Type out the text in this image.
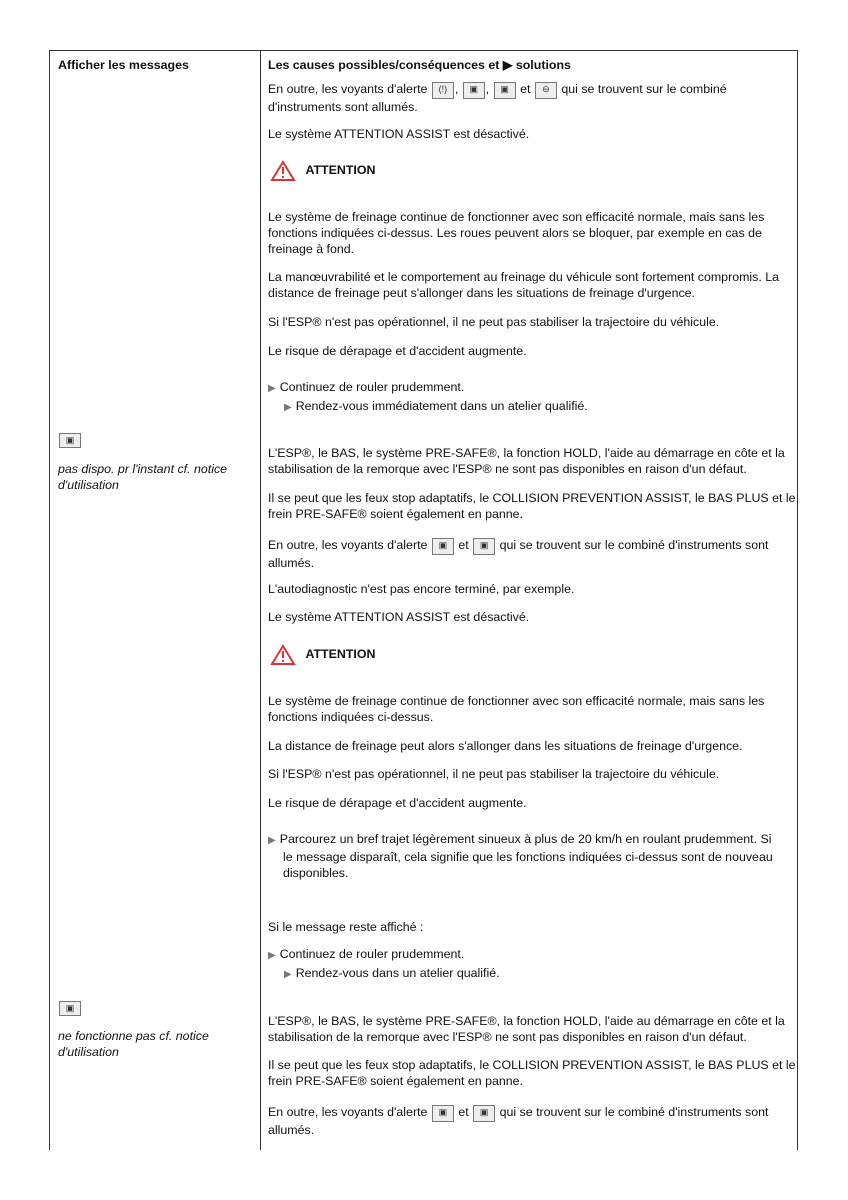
Afficher les messages	Les causes possibles/conséquences et ▶ solutions
En outre, les voyants d'alerte (!) , ▣ , ▣ et ⊖ qui se trouvent sur le combiné d'instruments sont allumés.
Le système ATTENTION ASSIST est désactivé.
ATTENTION
Le système de freinage continue de fonctionner avec son efficacité normale, mais sans les fonctions indiquées ci-dessus. Les roues peuvent alors se bloquer, par exemple en cas de freinage à fond.
La manœuvrabilité et le comportement au freinage du véhicule sont fortement compromis. La distance de freinage peut s'allonger dans les situations de freinage d'urgence.
Si l'ESP® n'est pas opérationnel, il ne peut pas stabiliser la trajectoire du véhicule.
Le risque de dérapage et d'accident augmente.
▶ Continuez de rouler prudemment.
▶ Rendez-vous immédiatement dans un atelier qualifié.
▣
pas dispo. pr l'instant cf. notice d'utilisation
L'ESP®, le BAS, le système PRE-SAFE®, la fonction HOLD, l'aide au démarrage en côte et la stabilisation de la remorque avec l'ESP® ne sont pas disponibles en raison d'un défaut.
Il se peut que les feux stop adaptatifs, le COLLISION PREVENTION ASSIST, le BAS PLUS et le frein PRE-SAFE® soient également en panne.
En outre, les voyants d'alerte ▣ et ▣ qui se trouvent sur le combiné d'instruments sont allumés.
L'autodiagnostic n'est pas encore terminé, par exemple.
Le système ATTENTION ASSIST est désactivé.
ATTENTION
Le système de freinage continue de fonctionner avec son efficacité normale, mais sans les fonctions indiquées ci-dessus.
La distance de freinage peut alors s'allonger dans les situations de freinage d'urgence.
Si l'ESP® n'est pas opérationnel, il ne peut pas stabiliser la trajectoire du véhicule.
Le risque de dérapage et d'accident augmente.
▶ Parcourez un bref trajet légèrement sinueux à plus de 20 km/h en roulant prudemment. Si le message disparaît, cela signifie que les fonctions indiquées ci-dessus sont de nouveau disponibles.
Si le message reste affiché :
▶ Continuez de rouler prudemment.
▶ Rendez-vous dans un atelier qualifié.
▣
ne fonctionne pas cf. notice d'utilisation
L'ESP®, le BAS, le système PRE-SAFE®, la fonction HOLD, l'aide au démarrage en côte et la stabilisation de la remorque avec l'ESP® ne sont pas disponibles en raison d'un défaut.
Il se peut que les feux stop adaptatifs, le COLLISION PREVENTION ASSIST, le BAS PLUS et le frein PRE-SAFE® soient également en panne.
En outre, les voyants d'alerte ▣ et ▣ qui se trouvent sur le combiné d'instruments sont allumés.
